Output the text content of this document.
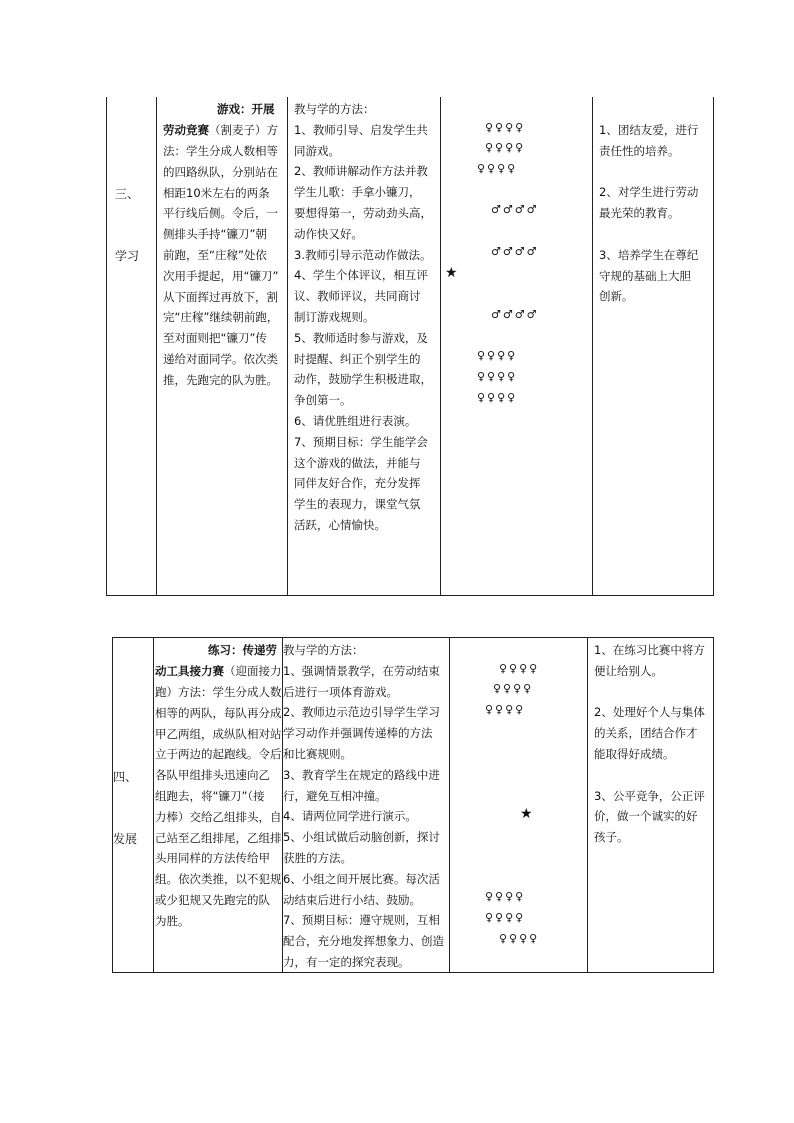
三、
学习
游戏：开展
劳动竞赛（割麦子）方
法：学生分成人数相等
的四路纵队，分别站在
相距10米左右的两条
平行线后侧。令后，一
侧排头手持“镰刀”朝
前跑，至“庄稼”处依
次用手提起，用“镰刀”
从下面挥过再放下，割
完“庄稼”继续朝前跑，
至对面则把“镰刀”传
递给对面同学。依次类
推，先跑完的队为胜。
教与学的方法：
1、教师引导、启发学生共
同游戏。
2、教师讲解动作方法并教
学生儿歌：手拿小镰刀，
要想得第一，劳动劲头高，
动作快又好。
3.教师引导示范动作做法。
4、学生个体评议，相互评
议、教师评议，共同商讨
制订游戏规则。
5、教师适时参与游戏，及
时提醒、纠正个别学生的
动作，鼓励学生积极进取，
争创第一。
6、请优胜组进行表演。
7、预期目标：学生能学会
这个游戏的做法，并能与
同伴友好合作，充分发挥
学生的表现力，课堂气氛
活跃，心情愉快。
♀♀♀♀
♀♀♀♀
♀♀♀♀
♂♂♂♂
♂♂♂♂
★
♂♂♂♂
♀♀♀♀
♀♀♀♀
♀♀♀♀
1、团结友爱，进行
责任性的培养。
2、对学生进行劳动
最光荣的教育。
3、培养学生在尊纪
守规的基础上大胆
创新。
四、
发展
练习：传递劳
动工具接力赛（迎面接力
跑）方法：学生分成人数
相等的两队，每队再分成
甲乙两组，成纵队相对站
立于两边的起跑线。令后
各队甲组排头迅速向乙
组跑去，将“镰刀”（接
力棒）交给乙组排头，自
己站至乙组排尾，乙组排
头用同样的方法传给甲
组。依次类推，以不犯规
或少犯规又先跑完的队
为胜。
教与学的方法：
1、强调情景教学，在劳动结束
后进行一项体育游戏。
2、教师边示范边引导学生学习
学习动作并强调传递棒的方法
和比赛规则。
3、教育学生在规定的路线中进
行，避免互相冲撞。
4、请两位同学进行演示。
5、小组试做后动脑创新，探讨
获胜的方法。
6、小组之间开展比赛。每次活
动结束后进行小结、鼓励。
7、预期目标：遵守规则，互相
配合，充分地发挥想象力、创造
力，有一定的探究表现。
♀♀♀♀
♀♀♀♀
♀♀♀♀
★
♀♀♀♀
♀♀♀♀
♀♀♀♀
1、在练习比赛中将方
便让给别人。
2、处理好个人与集体
的关系，团结合作才
能取得好成绩。
3、公平竞争，公正评
价，做一个诚实的好
孩子。
